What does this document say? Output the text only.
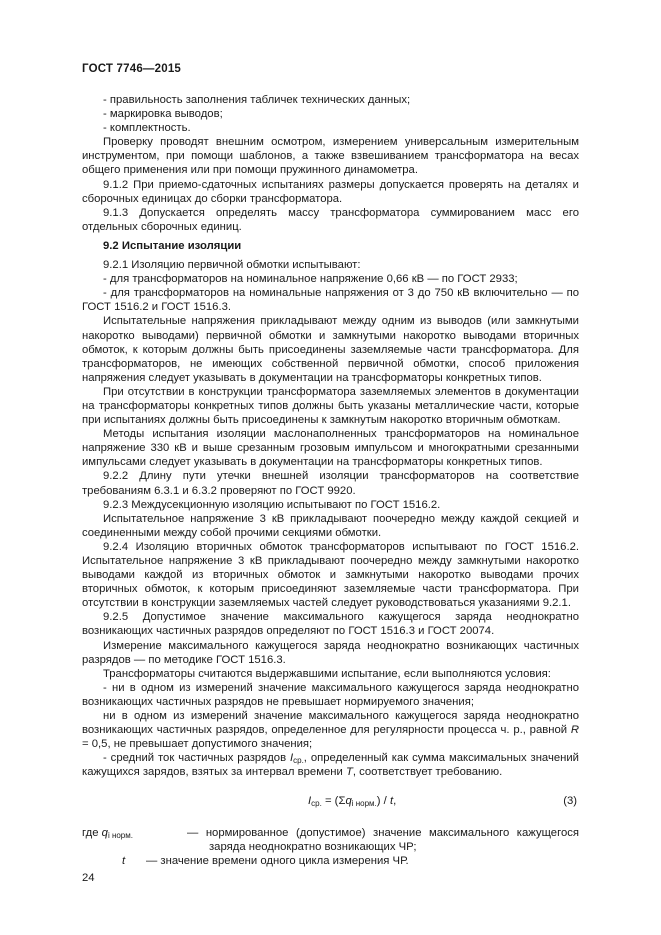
ГОСТ 7746—2015

- правильность заполнения табличек технических данных;

- маркировка выводов;

- комплектность.

Проверку проводят внешним осмотром, измерением универсальным измерительным инструментом, при помощи шаблонов, а также взвешиванием трансформатора на весах общего применения или при помощи пружинного динамометра.

9.1.2 При приемо-сдаточных испытаниях размеры допускается проверять на деталях и сборочных единицах до сборки трансформатора.

9.1.3 Допускается определять массу трансформатора суммированием масс его отдельных сборочных единиц.

9.2 Испытание изоляции

9.2.1 Изоляцию первичной обмотки испытывают:

- для трансформаторов на номинальное напряжение 0,66 кВ — по ГОСТ 2933;

- для трансформаторов на номинальные напряжения от 3 до 750 кВ включительно — по ГОСТ 1516.2 и ГОСТ 1516.3.

Испытательные напряжения прикладывают между одним из выводов (или замкнутыми накоротко выводами) первичной обмотки и замкнутыми накоротко выводами вторичных обмоток, к которым должны быть присоединены заземляемые части трансформатора. Для трансформаторов, не имеющих собственной первичной обмотки, способ приложения напряжения следует указывать в документации на трансформаторы конкретных типов.

При отсутствии в конструкции трансформатора заземляемых элементов в документации на трансформаторы конкретных типов должны быть указаны металлические части, которые при испытаниях должны быть присоединены к замкнутым накоротко вторичным обмоткам.

Методы испытания изоляции маслонаполненных трансформаторов на номинальное напряжение 330 кВ и выше срезанным грозовым импульсом и многократными срезанными импульсами следует указывать в документации на трансформаторы конкретных типов.

9.2.2 Длину пути утечки внешней изоляции трансформаторов на соответствие требованиям 6.3.1 и 6.3.2 проверяют по ГОСТ 9920.

9.2.3 Междусекционную изоляцию испытывают по ГОСТ 1516.2.

Испытательное напряжение 3 кВ прикладывают поочередно между каждой секцией и соединенными между собой прочими секциями обмотки.

9.2.4 Изоляцию вторичных обмоток трансформаторов испытывают по ГОСТ 1516.2. Испытательное напряжение 3 кВ прикладывают поочередно между замкнутыми накоротко выводами каждой из вторичных обмоток и замкнутыми накоротко выводами прочих вторичных обмоток, к которым присоединяют заземляемые части трансформатора. При отсутствии в конструкции заземляемых частей следует руководствоваться указаниями 9.2.1.

9.2.5 Допустимое значение максимального кажущегося заряда неоднократно возникающих частичных разрядов определяют по ГОСТ 1516.3 и ГОСТ 20074.

Измерение максимального кажущегося заряда неоднократно возникающих частичных разрядов — по методике ГОСТ 1516.3.

Трансформаторы считаются выдержавшими испытание, если выполняются условия:

- ни в одном из измерений значение максимального кажущегося заряда неоднократно возникающих частичных разрядов не превышает нормируемого значения;

ни в одном из измерений значение максимального кажущегося заряда неоднократно возникающих частичных разрядов, определенное для регулярности процесса ч. р., равной R = 0,5, не превышает допустимого значения;

- средний ток частичных разрядов $I_{ср.}$, определенный как сумма максимальных значений кажущихся зарядов, взятых за интервал времени T, соответствует требованию.

$I_{ср.} = (\Sigma q_{i норм.}) / t$,	(3)
где $q_{i норм.}$	— нормированное (допустимое) значение максимального кажущегося заряда неоднократно возникающих ЧР;
t — значение времени одного цикла измерения ЧР.
24
